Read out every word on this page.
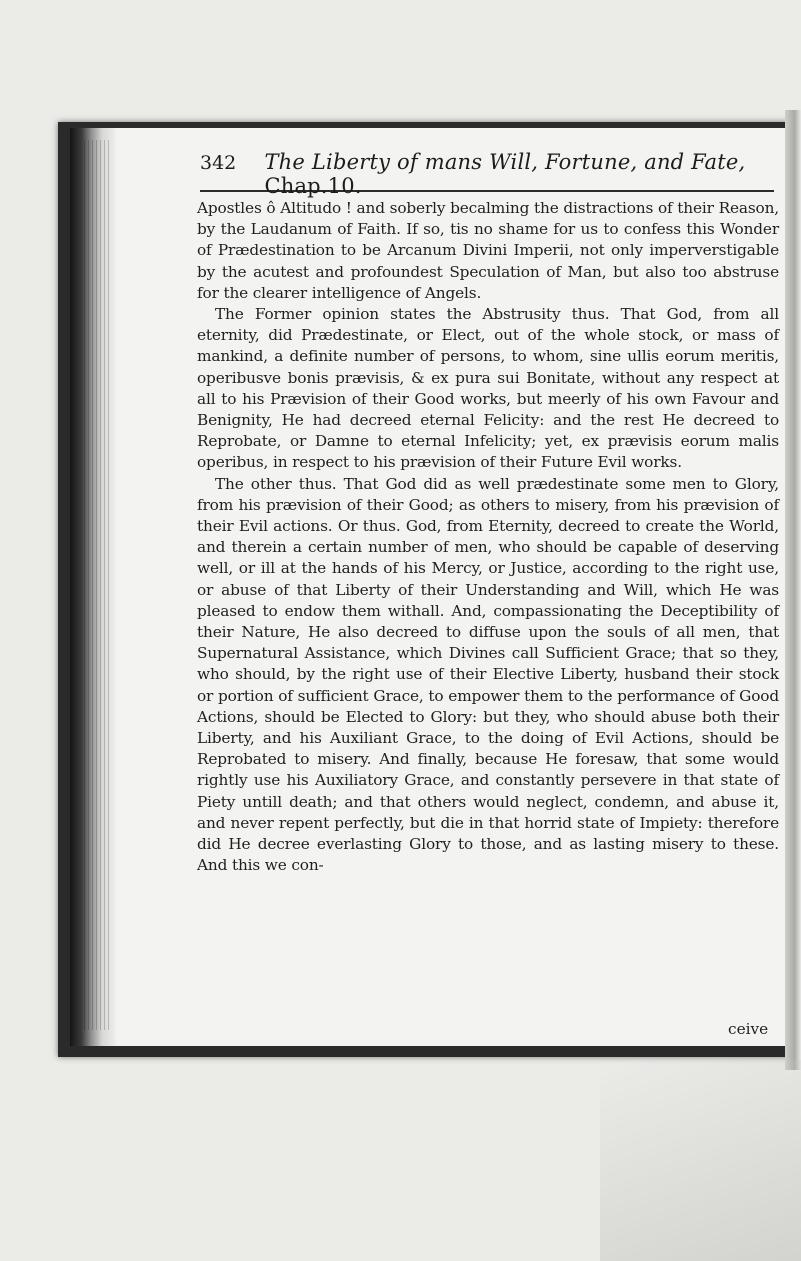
342	The Liberty of mans Will, Fortune, and Fate, Chap.10.

Apostles ô Altitudo ! and soberly becalming the distractions of their Reason, by the Laudanum of Faith. If so, tis no shame for us to confess this Wonder of Prædestination to be Arcanum Divini Imperii, not only imperverstigable by the acutest and profoundest Speculation of Man, but also too abstruse for the clearer intelligence of Angels.

The Former opinion states the Abstrusity thus. That God, from all eternity, did Prædestinate, or Elect, out of the whole stock, or mass of mankind, a definite number of persons, to whom, sine ullis eorum meritis, operibusve bonis prævisis, & ex pura sui Bonitate, without any respect at all to his Prævision of their Good works, but meerly of his own Favour and Benignity, He had decreed eternal Felicity: and the rest He decreed to Reprobate, or Damne to eternal Infelicity; yet, ex prævisis eorum malis operibus, in respect to his prævision of their Future Evil works.

The other thus. That God did as well prædestinate some men to Glory, from his prævision of their Good; as others to misery, from his prævision of their Evil actions. Or thus. God, from Eternity, decreed to create the World, and therein a certain number of men, who should be capable of deserving well, or ill at the hands of his Mercy, or Justice, according to the right use, or abuse of that Liberty of their Understanding and Will, which He was pleased to endow them withall. And, compassionating the Deceptibility of their Nature, He also decreed to diffuse upon the souls of all men, that Supernatural Assistance, which Divines call Sufficient Grace; that so they, who should, by the right use of their Elective Liberty, husband their stock or portion of sufficient Grace, to empower them to the performance of Good Actions, should be Elected to Glory: but they, who should abuse both their Liberty, and his Auxiliant Grace, to the doing of Evil Actions, should be Reprobated to misery. And finally, because He foresaw, that some would rightly use his Auxiliatory Grace, and constantly persevere in that state of Piety untill death; and that others would neglect, condemn, and abuse it, and never repent perfectly, but die in that horrid state of Impiety: therefore did He decree everlasting Glory to those, and as lasting misery to these. And this we con-

ceive
